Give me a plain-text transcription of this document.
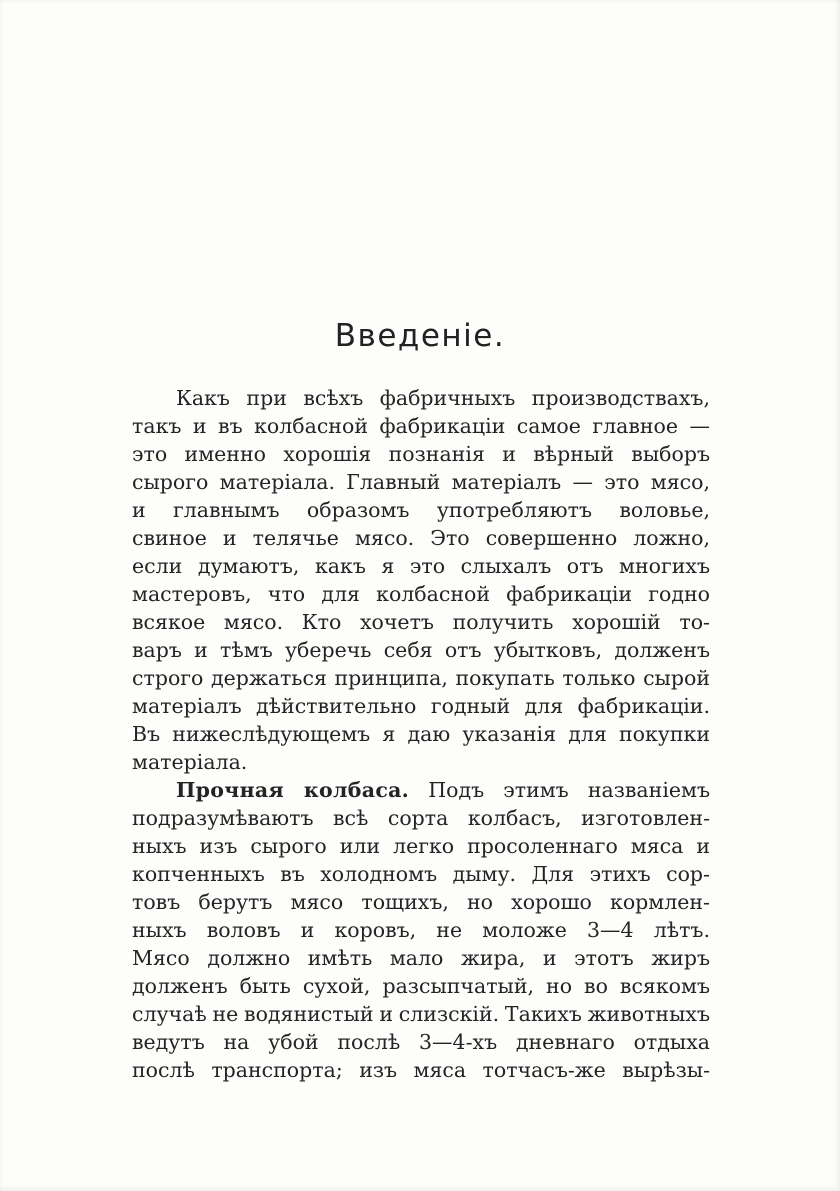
Введеніе.
Какъ при всѣхъ фабричныхъ производствахъ,
такъ и въ колбасной фабрикаціи самое главное —
это именно хорошія познанія и вѣрный выборъ
сырого матеріала. Главный матеріалъ — это мясо,
и главнымъ образомъ употребляютъ воловье,
свиное и телячье мясо. Это совершенно ложно,
если думаютъ, какъ я это слыхалъ отъ многихъ
мастеровъ, что для колбасной фабрикаціи годно
всякое мясо. Кто хочетъ получить хорошій то-
варъ и тѣмъ уберечь себя отъ убытковъ, долженъ
строго держаться принципа, покупать только сырой
матеріалъ дѣйствительно годный для фабрикаціи.
Въ нижеслѣдующемъ я даю указанія для покупки
матеріала.
Прочная колбаса. Подъ этимъ названіемъ
подразумѣваютъ всѣ сорта колбасъ, изготовлен-
ныхъ изъ сырого или легко просоленнаго мяса и
копченныхъ въ холодномъ дыму. Для этихъ сор-
товъ берутъ мясо тощихъ, но хорошо кормлен-
ныхъ воловъ и коровъ, не моложе 3—4 лѣтъ.
Мясо должно имѣть мало жира, и этотъ жиръ
долженъ быть сухой, разсыпчатый, но во всякомъ
случаѣ не водянистый и слизскій. Такихъ животныхъ
ведутъ на убой послѣ 3—4-хъ дневнаго отдыха
послѣ транспорта; изъ мяса тотчасъ-же вырѣзы-
